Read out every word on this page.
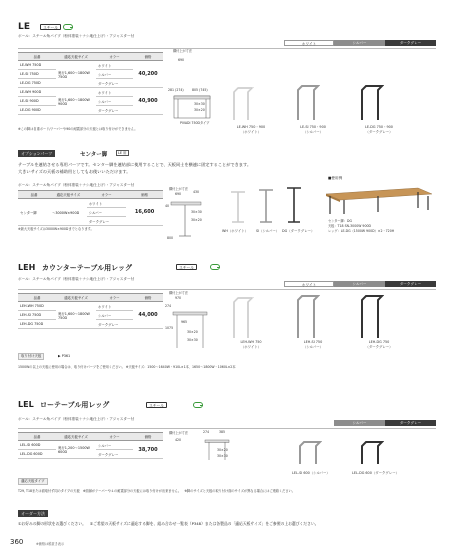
LE	スチール

ボール：スチール角パイプ（粉体塗装＋ナシ地仕上げ）・アジャスター付
ホワイト	シルバー	ダークグレー
品番	適応天板サイズ	カラー	価格
LE-WH 750D	奥行1,600〜1800W 750D	ホワイト	40,200
LE-SI 750D		シルバー	
LE-DG 750D		ダークグレー	
LE-WH 900D	奥行1,600〜1800W 900D	ホワイト	40,900
LE-SI 900D		シルバー	
LE-DG 900D		ダークグレー	
※この脚は自重ボード/テーパーや90の耐震部分の天板とは取り付けができません。
構付上が寸法
690
281 (274)	805 (745)
30×30
30×20
PIVADI 750Dタイプ
LE-WH 750・900
（ホワイト）
LE-SI 750・900
（シルバー）
LE-DG 750・900
（ダークグレー）
オプションパーツ	センター脚	LE 用
テーブルを連結させる専用パーツです。センター脚を連結部に使用することで、天板同士を横連に固定することができます。
大きいサイズの天板の補助用としてもお使いいただけます。
ボール：スチール角パイプ（粉体塗装＋ナシ地仕上げ）・アジャスター付
品番	適応天板サイズ	カラー	価格
センター脚	〜3000W×900D	ホワイト	16,600
		シルバー	
		ダークグレー	
※最大天板サイズは3000W×900Dまでとなります。
構付上が寸法
690	430
40
30×30
30×20
800
WH（ホワイト） SI（シルバー） DG（ダークグレー）
■使用例
センター脚：DG
天板：T18 SN-3000W 900D
レッグ：LE-DG（1500W 900D）×2・720H
LEH カウンターテーブル用レッグ	スチール

ボール：スチール角パイプ（粉体塗装＋ナシ地仕上げ）・アジャスター付
ホワイト	シルバー	ダークグレー
品番	適応天板サイズ	カラー	価格
LEH-WH 750D	奥行1,600〜1800W 750D	ホワイト	44,000
LEH-SI 750D		シルバー	
LEH-DG 750D		ダークグレー	
構付上が寸法
970
274
1075
965
30×20
30×30	LEH-WH 750
（ホワイト）
LEH-SI 750
（シルバー）
LEH-DG 750
（ダークグレー）
取り付け天板	▶ P361
1500Wの以上の天板に使用の場合は、取り付けパーツをご使用ください。 ※天板サイズ：1500〜1640W・910L×1本、1650〜1800W・1060L×2本
LEL ローテーブル用レッグ	スチール
ボール：スチール角パイプ（粉体塗装＋ナシ地仕上げ）・アジャスター付
シルバー	ダークグレー
品番	適応天板サイズ	カラー	価格
LEL-SI 600D	奥行1,200〜1500W 600D	シルバー	38,700
LEL-DG 600D		ダークグレー	
構付上が寸法
420
274	385
30×20
30×30
LEL-SI 600（シルバー）	LEL-DG 600（ダークグレー）
適応天板タイプ
T29, T18または面取付ず同のタイプの天板　※面縁がテーパーや４の耐震部分の天板には取り付けが出来ません。　※脚のサイズと天板の取り付け面のサイズが異なる場合にはご連絡ください。
オーダー方法
①お好みの脚の形状をお選びください。　②ご希望の天板サイズに適応する脚を、組み合わせ一覧表（P348）または各製品の「適応天板サイズ」をご参照の上お選びください。
360	※価格は税抜き表示
